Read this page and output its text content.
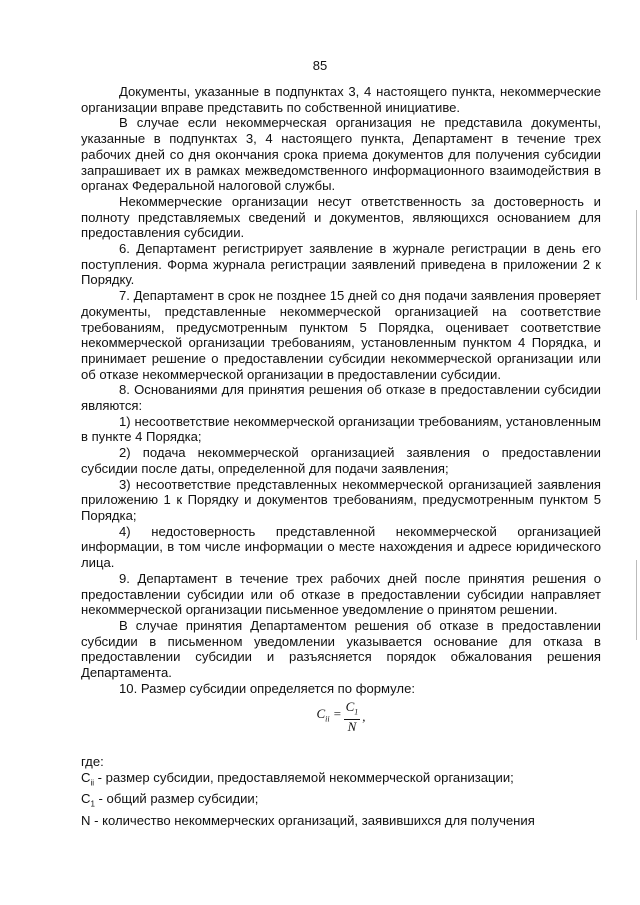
85

Документы, указанные в подпунктах 3, 4 настоящего пункта, некоммерческие организации вправе представить по собственной инициативе.

В случае если некоммерческая организация не представила документы, указанные в подпунктах 3, 4 настоящего пункта, Департамент в течение трех рабочих дней со дня окончания срока приема документов для получения субсидии запрашивает их в рамках межведомственного информационного взаимодействия в органах Федеральной налоговой службы.

Некоммерческие организации несут ответственность за достоверность и полноту представляемых сведений и документов, являющихся основанием для предоставления субсидии.

6. Департамент регистрирует заявление в журнале регистрации в день его поступления. Форма журнала регистрации заявлений приведена в приложении 2 к Порядку.

7. Департамент в срок не позднее 15 дней со дня подачи заявления проверяет документы, представленные некоммерческой организацией на соответствие требованиям, предусмотренным пунктом 5 Порядка, оценивает соответствие некоммерческой организации требованиям, установленным пунктом 4 Порядка, и принимает решение о предоставлении субсидии некоммерческой организации или об отказе некоммерческой организации в предоставлении субсидии.

8. Основаниями для принятия решения об отказе в предоставлении субсидии являются:

1) несоответствие некоммерческой организации требованиям, установленным в пункте 4 Порядка;

2) подача некоммерческой организацией заявления о предоставлении субсидии после даты, определенной для подачи заявления;

3) несоответствие представленных некоммерческой организацией заявления приложению 1 к Порядку и документов требованиям, предусмотренным пунктом 5 Порядка;

4) недостоверность представленной некоммерческой организацией информации, в том числе информации о месте нахождения и адресе юридического лица.

9. Департамент в течение трех рабочих дней после принятия решения о предоставлении субсидии или об отказе в предоставлении субсидии направляет некоммерческой организации письменное уведомление о принятом решении.

В случае принятия Департаментом решения об отказе в предоставлении субсидии в письменном уведомлении указывается основание для отказа в предоставлении субсидии и разъясняется порядок обжалования решения Департамента.

10. Размер субсидии определяется по формуле:

$C_{ii} = \frac{C_1}{N}$ ,

где:

$C_{ii}$ - размер субсидии, предоставляемой некоммерческой организации;

$C_1$ - общий размер субсидии;

N - количество некоммерческих организаций, заявившихся для получения
